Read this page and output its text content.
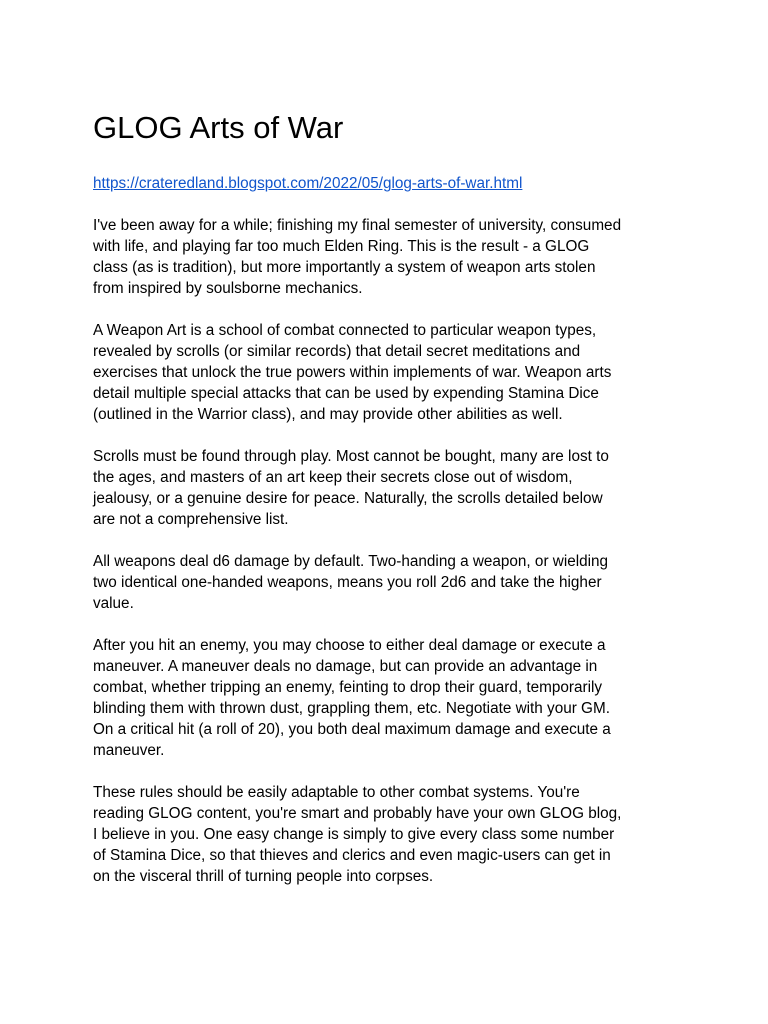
GLOG Arts of War
https://crateredland.blogspot.com/2022/05/glog-arts-of-war.html
I've been away for a while; finishing my final semester of university, consumed
with life, and playing far too much Elden Ring. This is the result - a GLOG
class (as is tradition), but more importantly a system of weapon arts stolen
from inspired by soulsborne mechanics.
A Weapon Art is a school of combat connected to particular weapon types,
revealed by scrolls (or similar records) that detail secret meditations and
exercises that unlock the true powers within implements of war. Weapon arts
detail multiple special attacks that can be used by expending Stamina Dice
(outlined in the Warrior class), and may provide other abilities as well.
Scrolls must be found through play. Most cannot be bought, many are lost to
the ages, and masters of an art keep their secrets close out of wisdom,
jealousy, or a genuine desire for peace. Naturally, the scrolls detailed below
are not a comprehensive list.
All weapons deal d6 damage by default. Two-handing a weapon, or wielding
two identical one-handed weapons, means you roll 2d6 and take the higher
value.
After you hit an enemy, you may choose to either deal damage or execute a
maneuver. A maneuver deals no damage, but can provide an advantage in
combat, whether tripping an enemy, feinting to drop their guard, temporarily
blinding them with thrown dust, grappling them, etc. Negotiate with your GM.
On a critical hit (a roll of 20), you both deal maximum damage and execute a
maneuver.
These rules should be easily adaptable to other combat systems. You're
reading GLOG content, you're smart and probably have your own GLOG blog,
I believe in you. One easy change is simply to give every class some number
of Stamina Dice, so that thieves and clerics and even magic-users can get in
on the visceral thrill of turning people into corpses.
